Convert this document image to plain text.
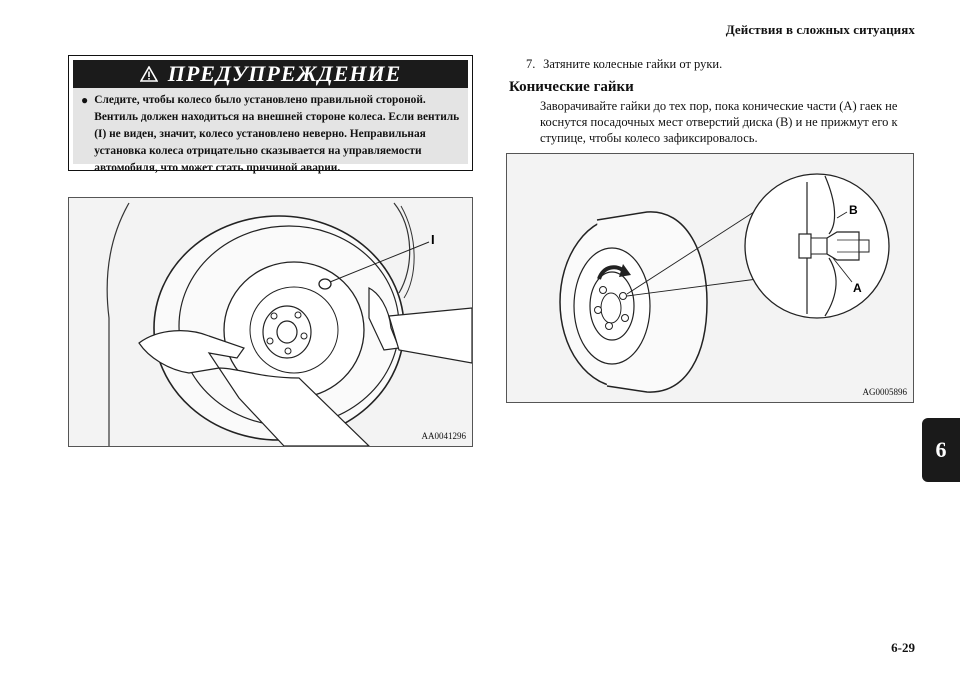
Действия в сложных ситуациях
6
ПРЕДУПРЕЖДЕНИЕ
● Следите, чтобы колесо было установлено правильной стороной. Вентиль должен находиться на внешней стороне колеса. Если вентиль (I) не виден, значит, колесо установлено неверно. Неправильная установка колеса отрицательно сказывается на управляемости автомобиля, что может стать причиной аварии.
I
AA0041296
7. Затяните колесные гайки от руки.
Конические гайки
Заворачивайте гайки до тех пор, пока конические части (A) гаек не коснутся посадочных мест отверстий диска (B) и не прижмут его к ступице, чтобы колесо зафиксировалось.
B
A
AG0005896
6-29
